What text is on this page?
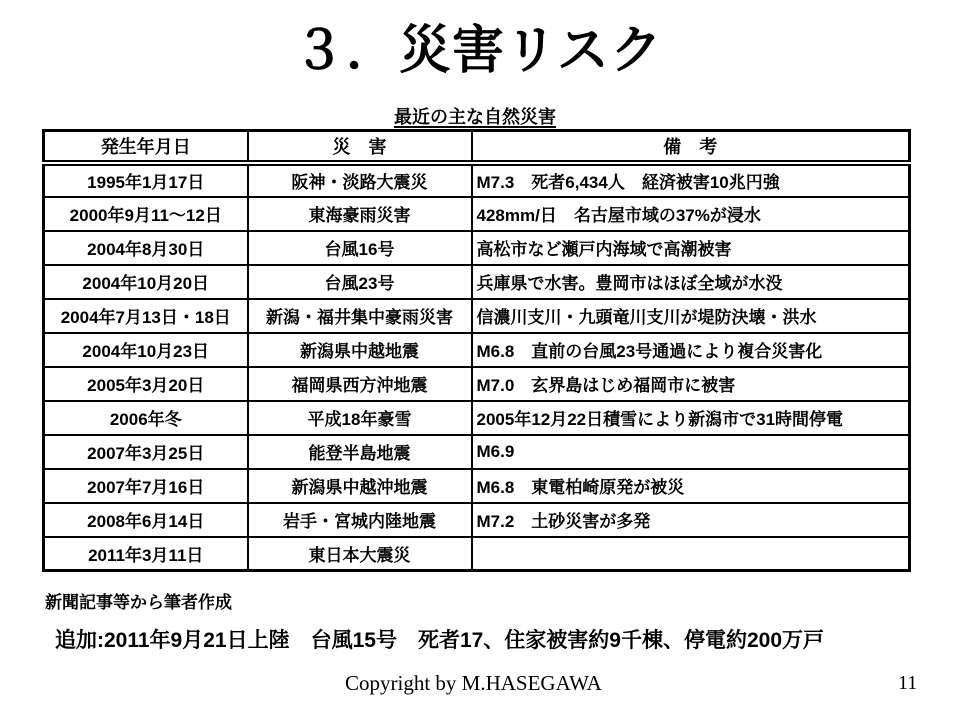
３．災害リスク
最近の主な自然災害
発生年月日	災　害	備　考
1995年1月17日	阪神・淡路大震災	M7.3　死者6,434人　経済被害10兆円強
2000年9月11～12日	東海豪雨災害	428mm/日　名古屋市域の37%が浸水
2004年8月30日	台風16号	高松市など瀬戸内海域で高潮被害
2004年10月20日	台風23号	兵庫県で水害。豊岡市はほぼ全域が水没
2004年7月13日・18日	新潟・福井集中豪雨災害	信濃川支川・九頭竜川支川が堤防決壊・洪水
2004年10月23日	新潟県中越地震	M6.8　直前の台風23号通過により複合災害化
2005年3月20日	福岡県西方沖地震	M7.0　玄界島はじめ福岡市に被害
2006年冬	平成18年豪雪	2005年12月22日積雪により新潟市で31時間停電
2007年3月25日	能登半島地震	M6.9
2007年7月16日	新潟県中越沖地震	M6.8　東電柏崎原発が被災
2008年6月14日	岩手・宮城内陸地震	M7.2　土砂災害が多発
2011年3月11日	東日本大震災	
新聞記事等から筆者作成
追加:2011年9月21日上陸　台風15号　死者17、住家被害約9千棟、停電約200万戸
Copyright by M.HASEGAWA	11
